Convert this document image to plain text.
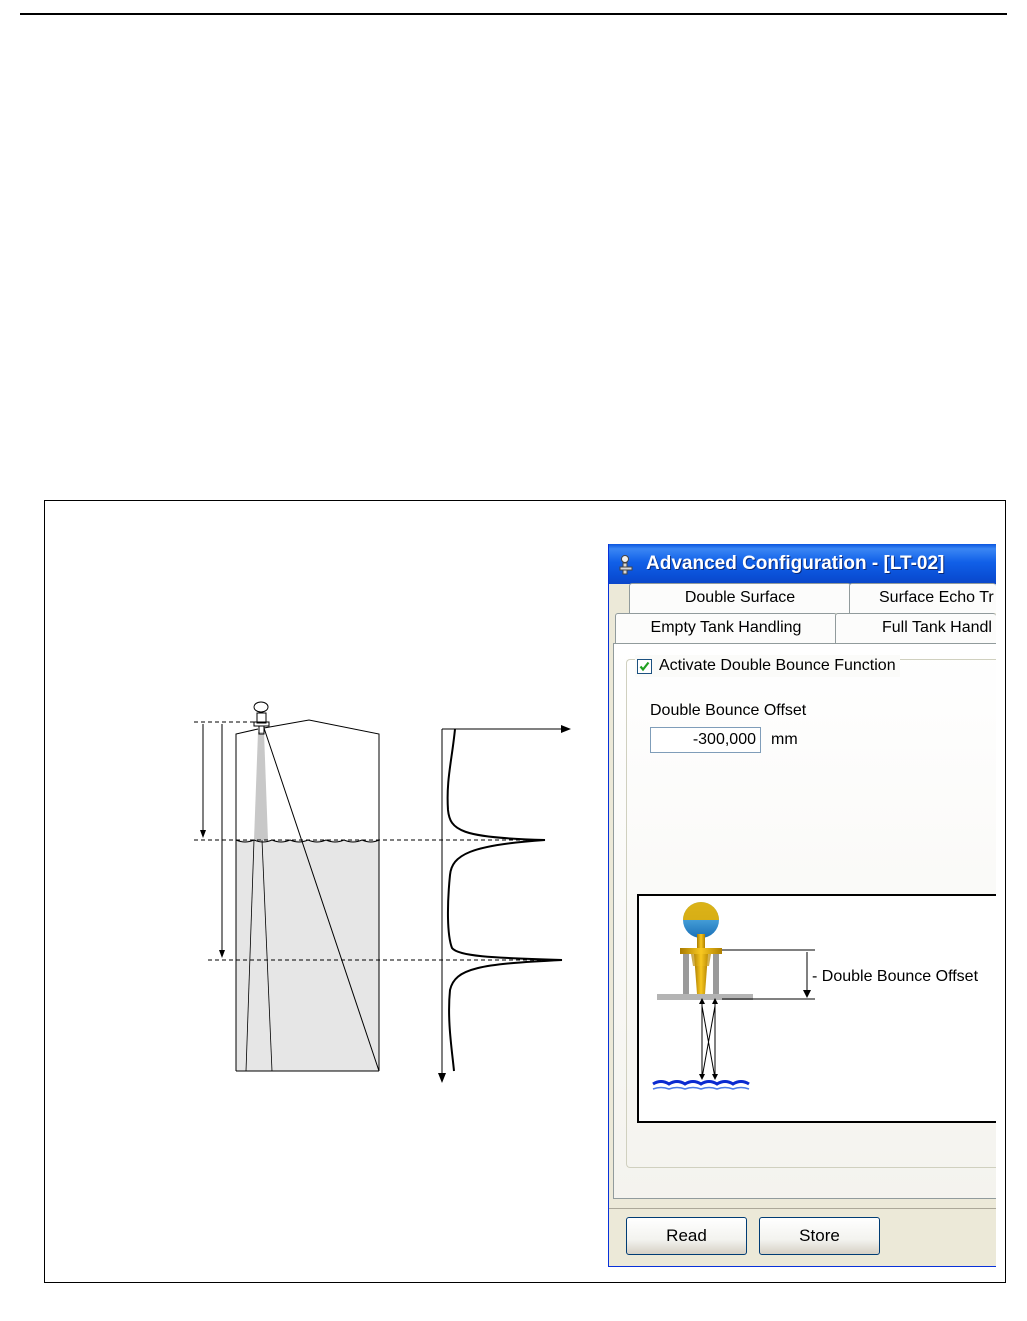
Advanced Configuration - [LT-02]
Double Surface	Surface Echo Tr
Empty Tank Handling	Full Tank Handl
Activate Double Bounce Function
Double Bounce Offset
-300,000
mm
- Double Bounce Offset
Read	Store
